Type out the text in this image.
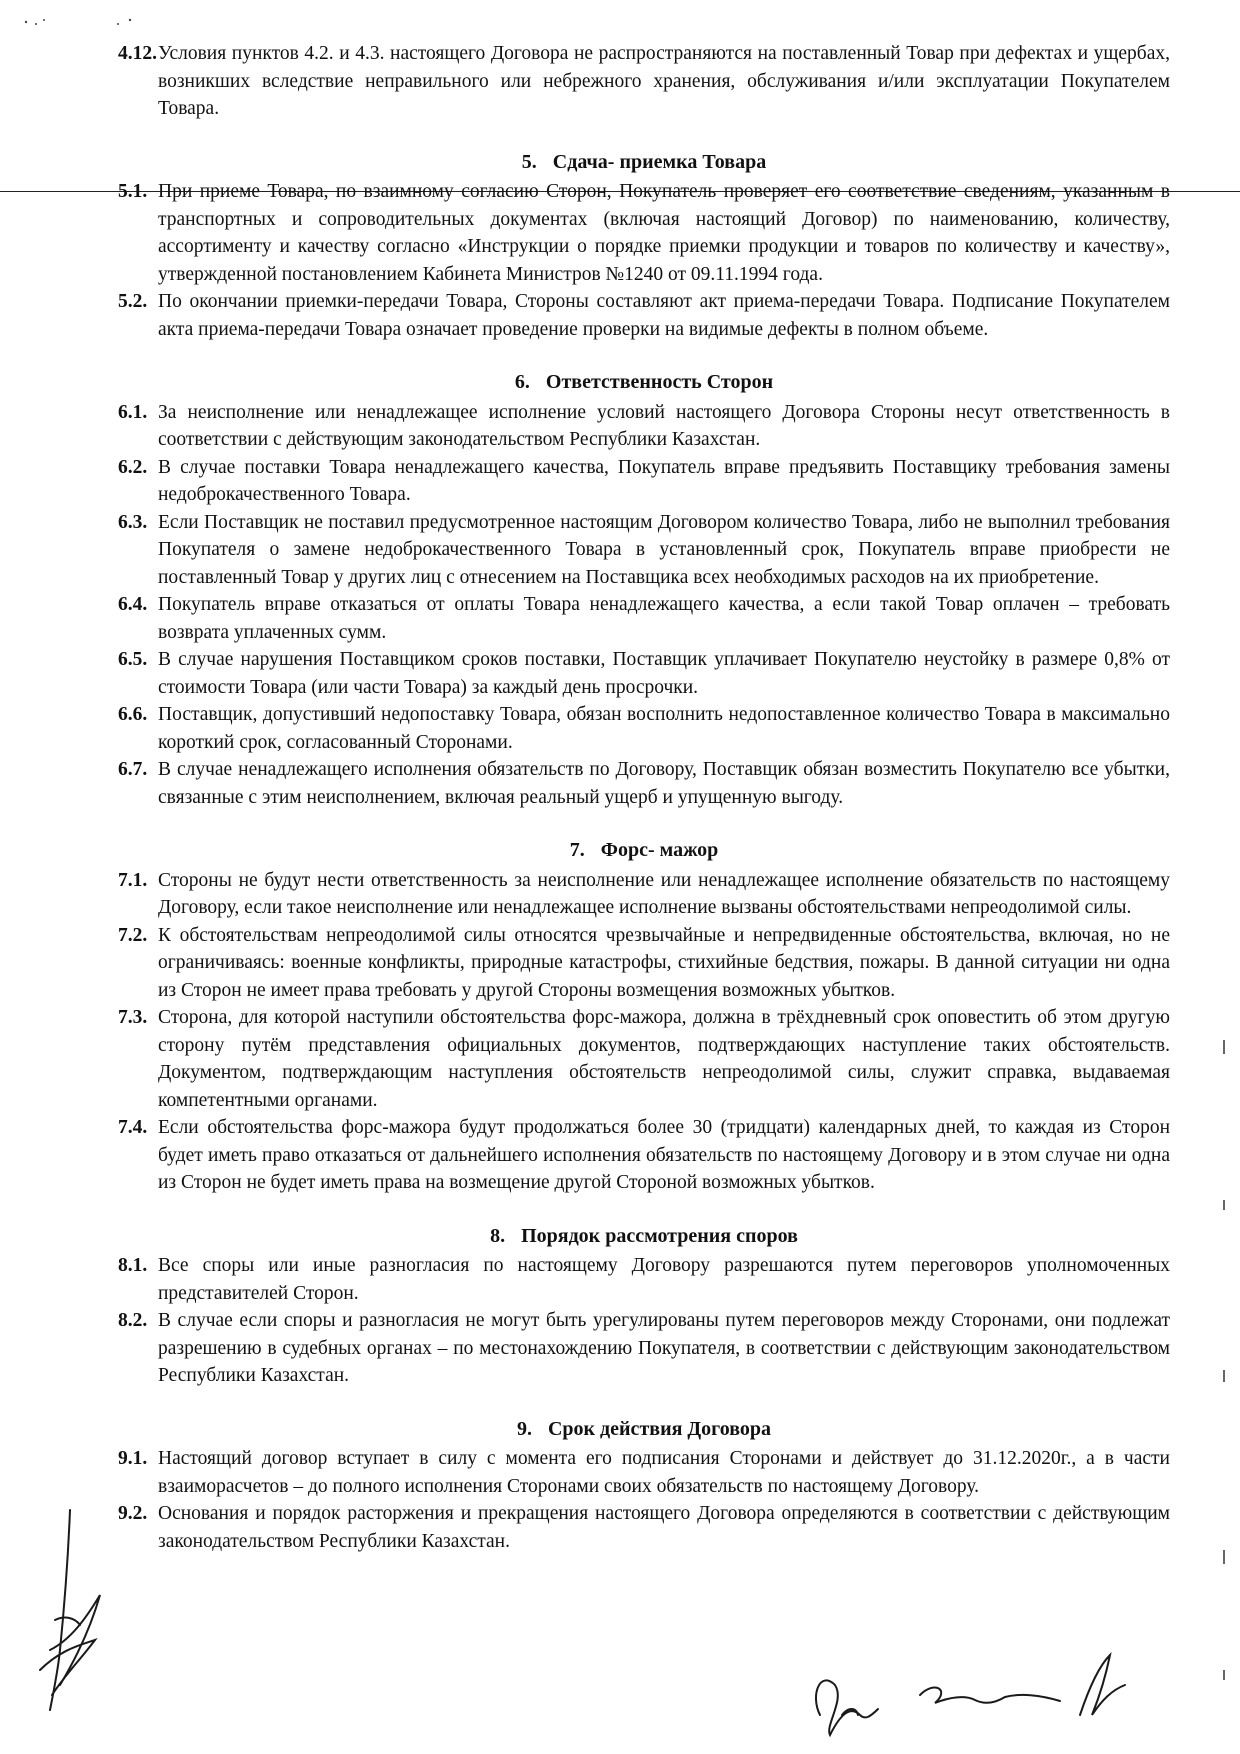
4.12. Условия пунктов 4.2. и 4.3. настоящего Договора не распространяются на поставленный Товар при дефектах и ущербах, возникших вследствие неправильного или небрежного хранения, обслуживания и/или эксплуатации Покупателем Товара.
5. Сдача- приемка Товара
5.1. При приеме Товара, по взаимному согласию Сторон, Покупатель проверяет его соответствие сведениям, указанным в транспортных и сопроводительных документах (включая настоящий Договор) по наименованию, количеству, ассортименту и качеству согласно «Инструкции о порядке приемки продукции и товаров по количеству и качеству», утвержденной постановлением Кабинета Министров №1240 от 09.11.1994 года.
5.2. По окончании приемки-передачи Товара, Стороны составляют акт приема-передачи Товара. Подписание Покупателем акта приема-передачи Товара означает проведение проверки на видимые дефекты в полном объеме.
6. Ответственность Сторон
6.1. За неисполнение или ненадлежащее исполнение условий настоящего Договора Стороны несут ответственность в соответствии с действующим законодательством Республики Казахстан.
6.2. В случае поставки Товара ненадлежащего качества, Покупатель вправе предъявить Поставщику требования замены недоброкачественного Товара.
6.3. Если Поставщик не поставил предусмотренное настоящим Договором количество Товара, либо не выполнил требования Покупателя о замене недоброкачественного Товара в установленный срок, Покупатель вправе приобрести не поставленный Товар у других лиц с отнесением на Поставщика всех необходимых расходов на их приобретение.
6.4. Покупатель вправе отказаться от оплаты Товара ненадлежащего качества, а если такой Товар оплачен – требовать возврата уплаченных сумм.
6.5. В случае нарушения Поставщиком сроков поставки, Поставщик уплачивает Покупателю неустойку в размере 0,8% от стоимости Товара (или части Товара) за каждый день просрочки.
6.6. Поставщик, допустивший недопоставку Товара, обязан восполнить недопоставленное количество Товара в максимально короткий срок, согласованный Сторонами.
6.7. В случае ненадлежащего исполнения обязательств по Договору, Поставщик обязан возместить Покупателю все убытки, связанные с этим неисполнением, включая реальный ущерб и упущенную выгоду.
7. Форс- мажор
7.1. Стороны не будут нести ответственность за неисполнение или ненадлежащее исполнение обязательств по настоящему Договору, если такое неисполнение или ненадлежащее исполнение вызваны обстоятельствами непреодолимой силы.
7.2. К обстоятельствам непреодолимой силы относятся чрезвычайные и непредвиденные обстоятельства, включая, но не ограничиваясь: военные конфликты, природные катастрофы, стихийные бедствия, пожары. В данной ситуации ни одна из Сторон не имеет права требовать у другой Стороны возмещения возможных убытков.
7.3. Сторона, для которой наступили обстоятельства форс-мажора, должна в трёхдневный срок оповестить об этом другую сторону путём представления официальных документов, подтверждающих наступление таких обстоятельств. Документом, подтверждающим наступления обстоятельств непреодолимой силы, служит справка, выдаваемая компетентными органами.
7.4. Если обстоятельства форс-мажора будут продолжаться более 30 (тридцати) календарных дней, то каждая из Сторон будет иметь право отказаться от дальнейшего исполнения обязательств по настоящему Договору и в этом случае ни одна из Сторон не будет иметь права на возмещение другой Стороной возможных убытков.
8. Порядок рассмотрения споров
8.1. Все споры или иные разногласия по настоящему Договору разрешаются путем переговоров уполномоченных представителей Сторон.
8.2. В случае если споры и разногласия не могут быть урегулированы путем переговоров между Сторонами, они подлежат разрешению в судебных органах – по местонахождению Покупателя, в соответствии с действующим законодательством Республики Казахстан.
9. Срок действия Договора
9.1. Настоящий договор вступает в силу с момента его подписания Сторонами и действует до 31.12.2020г., а в части взаиморасчетов – до полного исполнения Сторонами своих обязательств по настоящему Договору.
9.2. Основания и порядок расторжения и прекращения настоящего Договора определяются в соответствии с действующим законодательством Республики Казахстан.
